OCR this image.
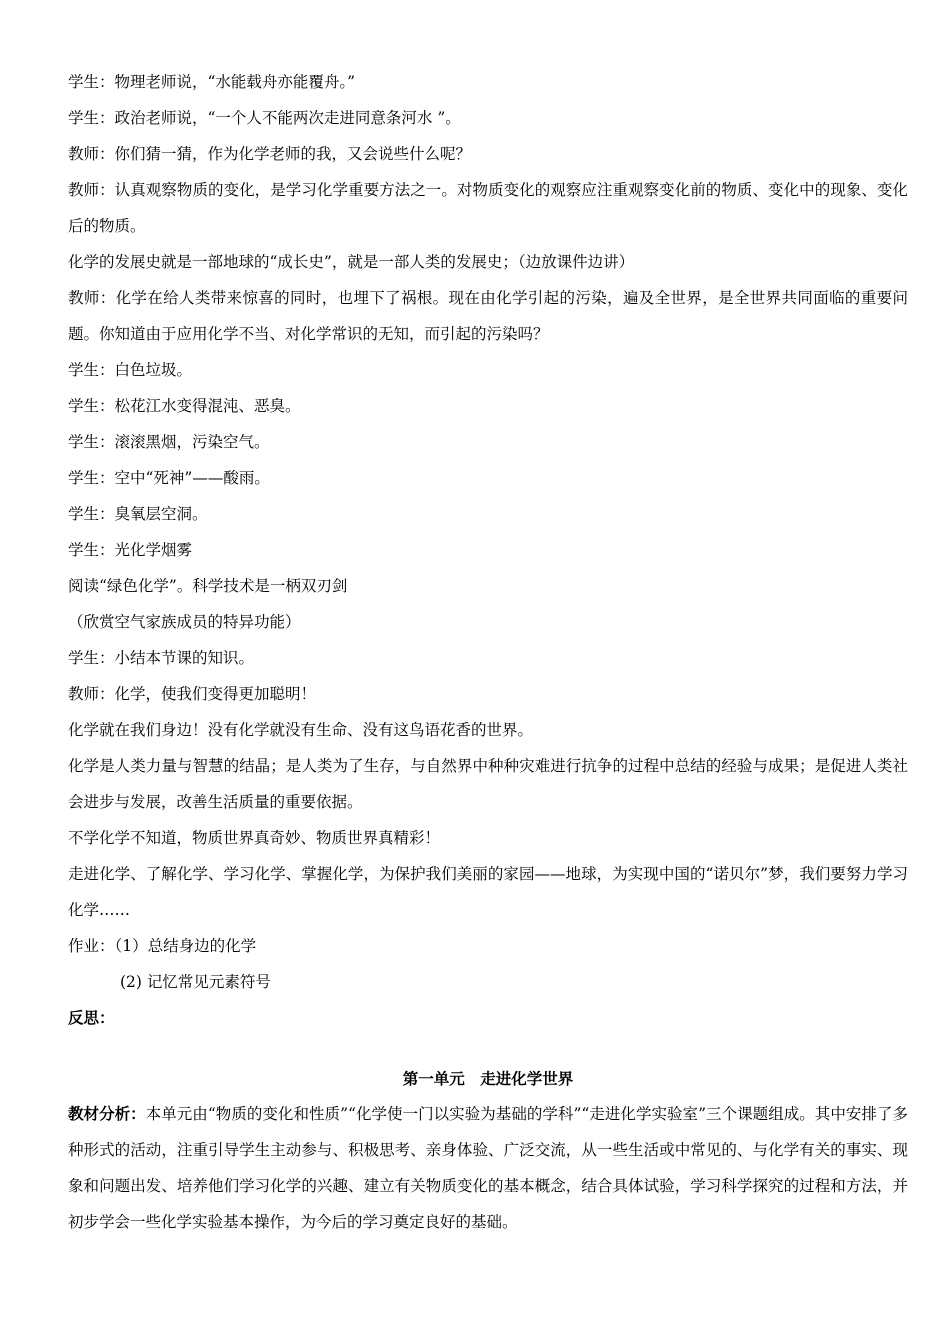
学生：物理老师说，“水能载舟亦能覆舟。”

学生：政治老师说，“一个人不能两次走进同意条河水 ”。

教师：你们猜一猜，作为化学老师的我，又会说些什么呢？

教师：认真观察物质的变化，是学习化学重要方法之一。对物质变化的观察应注重观察变化前的物质、变化中的现象、变化后的物质。

化学的发展史就是一部地球的“成长史”，就是一部人类的发展史；（边放课件边讲）

教师：化学在给人类带来惊喜的同时，也埋下了祸根。现在由化学引起的污染，遍及全世界，是全世界共同面临的重要问题。你知道由于应用化学不当、对化学常识的无知，而引起的污染吗？

学生：白色垃圾。

学生：松花江水变得混沌、恶臭。

学生：滚滚黑烟，污染空气。

学生：空中“死神”——酸雨。

学生：臭氧层空洞。

学生：光化学烟雾

阅读“绿色化学”。科学技术是一柄双刃剑

（欣赏空气家族成员的特异功能）

学生：小结本节课的知识。

教师：化学，使我们变得更加聪明！

化学就在我们身边！没有化学就没有生命、没有这鸟语花香的世界。

化学是人类力量与智慧的结晶；是人类为了生存，与自然界中种种灾难进行抗争的过程中总结的经验与成果；是促进人类社会进步与发展，改善生活质量的重要依据。

不学化学不知道，物质世界真奇妙、物质世界真精彩！

走进化学、了解化学、学习化学、掌握化学，为保护我们美丽的家园——地球，为实现中国的“诺贝尔”梦，我们要努力学习化学……

作业：（1）总结身边的化学

(2) 记忆常见元素符号

反思：

第一单元　走进化学世界

教材分析：本单元由“物质的变化和性质”“化学使一门以实验为基础的学科”“走进化学实验室”三个课题组成。其中安排了多种形式的活动，注重引导学生主动参与、积极思考、亲身体验、广泛交流，从一些生活或中常见的、与化学有关的事实、现象和问题出发、培养他们学习化学的兴趣、建立有关物质变化的基本概念，结合具体试验，学习科学探究的过程和方法，并初步学会一些化学实验基本操作，为今后的学习奠定良好的基础。
